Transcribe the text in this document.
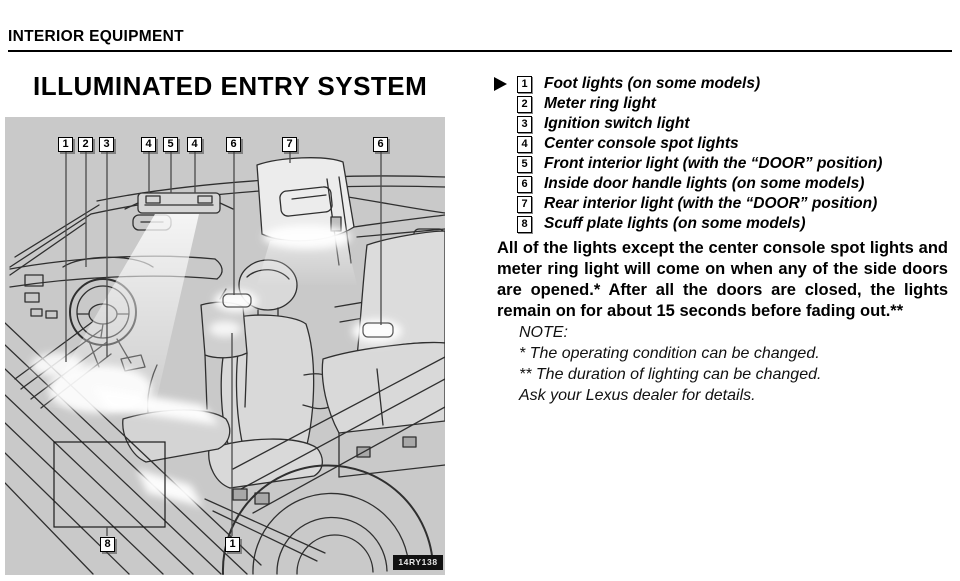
INTERIOR EQUIPMENT
ILLUMINATED ENTRY SYSTEM
1	2	3	4	5	4	6	7	6
8	1
14RY138
1 Foot lights (on some models)
2 Meter ring light
3 Ignition switch light
4 Center console spot lights
5 Front interior light (with the “DOOR” position)
6 Inside door handle lights (on some models)
7 Rear interior light (with the “DOOR” position)
8 Scuff plate lights (on some models)
All of the lights except the center console spot lights and meter ring light will come on when any of the side doors are opened.* After all the doors are closed, the lights remain on for about 15 seconds before fading out.**
NOTE:
* The operating condition can be changed.
** The duration of lighting can be changed.
Ask your Lexus dealer for details.
